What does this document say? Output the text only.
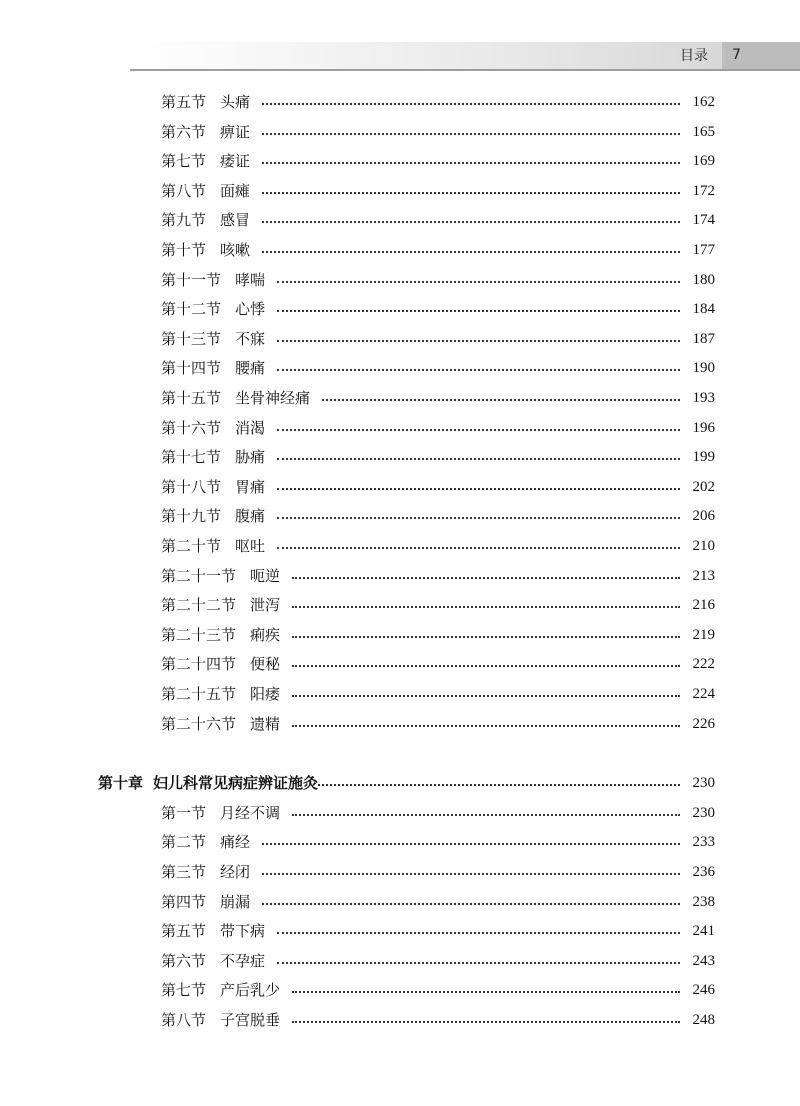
目录	7
第五节 头痛	162
第六节 痹证	165
第七节 痿证	169
第八节 面瘫	172
第九节 感冒	174
第十节 咳嗽	177
第十一节 哮喘	180
第十二节 心悸	184
第十三节 不寐	187
第十四节 腰痛	190
第十五节 坐骨神经痛	193
第十六节 消渴	196
第十七节 胁痛	199
第十八节 胃痛	202
第十九节 腹痛	206
第二十节 呕吐	210
第二十一节 呃逆	213
第二十二节 泄泻	216
第二十三节 痢疾	219
第二十四节 便秘	222
第二十五节 阳痿	224
第二十六节 遗精	226
第十章 妇儿科常见病症辨证施灸	230
第一节 月经不调	230
第二节 痛经	233
第三节 经闭	236
第四节 崩漏	238
第五节 带下病	241
第六节 不孕症	243
第七节 产后乳少	246
第八节 子宫脱垂	248
